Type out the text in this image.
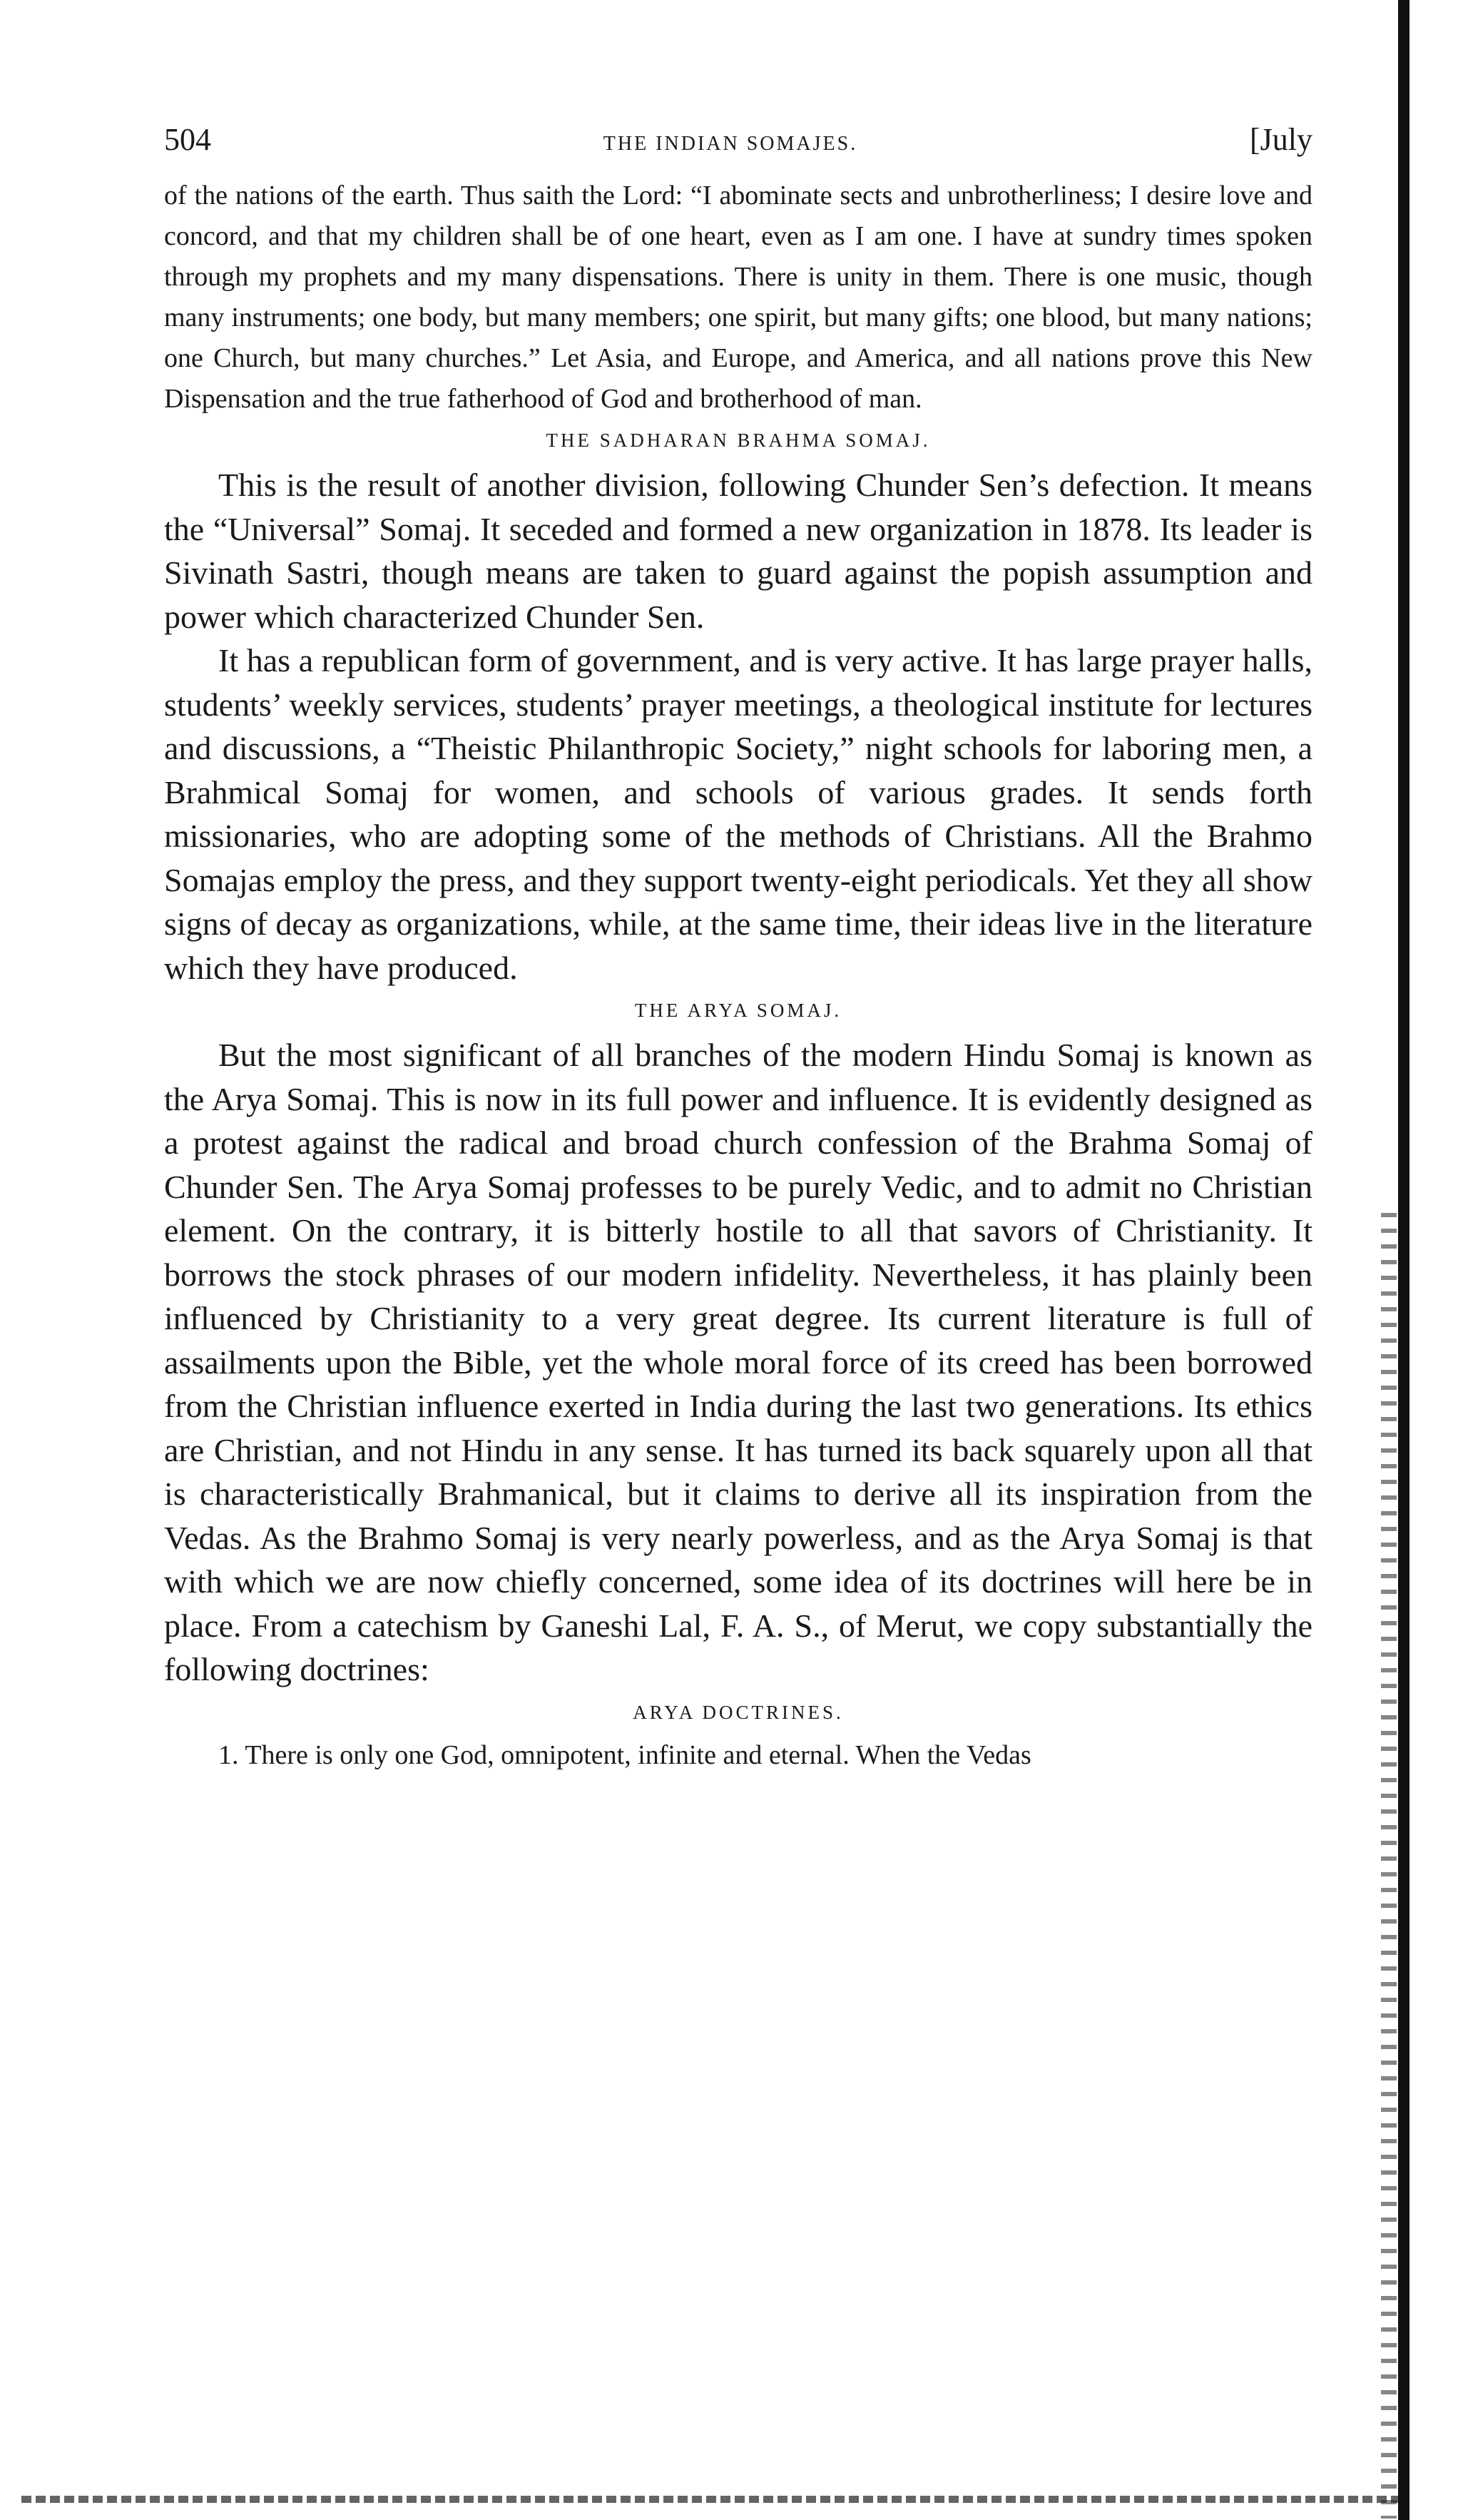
504	THE INDIAN SOMAJES.	[July

of the nations of the earth. Thus saith the Lord: “I abominate sects and unbrotherliness; I desire love and concord, and that my children shall be of one heart, even as I am one. I have at sundry times spoken through my prophets and my many dispensations. There is unity in them. There is one music, though many instruments; one body, but many members; one spirit, but many gifts; one blood, but many nations; one Church, but many churches.” Let Asia, and Europe, and America, and all nations prove this New Dispensation and the true fatherhood of God and brotherhood of man.

THE SADHARAN BRAHMA SOMAJ.

This is the result of another division, following Chunder Sen’s defection. It means the “Universal” Somaj. It seceded and formed a new organization in 1878. Its leader is Sivinath Sastri, though means are taken to guard against the popish assumption and power which characterized Chunder Sen.

It has a republican form of government, and is very active. It has large prayer halls, students’ weekly services, students’ prayer meetings, a theological institute for lectures and discussions, a “Theistic Philanthropic Society,” night schools for laboring men, a Brahmical Somaj for women, and schools of various grades. It sends forth missionaries, who are adopting some of the methods of Christians. All the Brahmo Somajas employ the press, and they support twenty-eight periodicals. Yet they all show signs of decay as organizations, while, at the same time, their ideas live in the literature which they have produced.

THE ARYA SOMAJ.

But the most significant of all branches of the modern Hindu Somaj is known as the Arya Somaj. This is now in its full power and influence. It is evidently designed as a protest against the radical and broad church confession of the Brahma Somaj of Chunder Sen. The Arya Somaj professes to be purely Vedic, and to admit no Christian element. On the contrary, it is bitterly hostile to all that savors of Christianity. It borrows the stock phrases of our modern infidelity. Nevertheless, it has plainly been influenced by Christianity to a very great degree. Its current literature is full of assailments upon the Bible, yet the whole moral force of its creed has been borrowed from the Christian influence exerted in India during the last two generations. Its ethics are Christian, and not Hindu in any sense. It has turned its back squarely upon all that is characteristically Brahmanical, but it claims to derive all its inspiration from the Vedas. As the Brahmo Somaj is very nearly powerless, and as the Arya Somaj is that with which we are now chiefly concerned, some idea of its doctrines will here be in place. From a catechism by Ganeshi Lal, F. A. S., of Merut, we copy substantially the following doctrines:

ARYA DOCTRINES.

1. There is only one God, omnipotent, infinite and eternal. When the Vedas
